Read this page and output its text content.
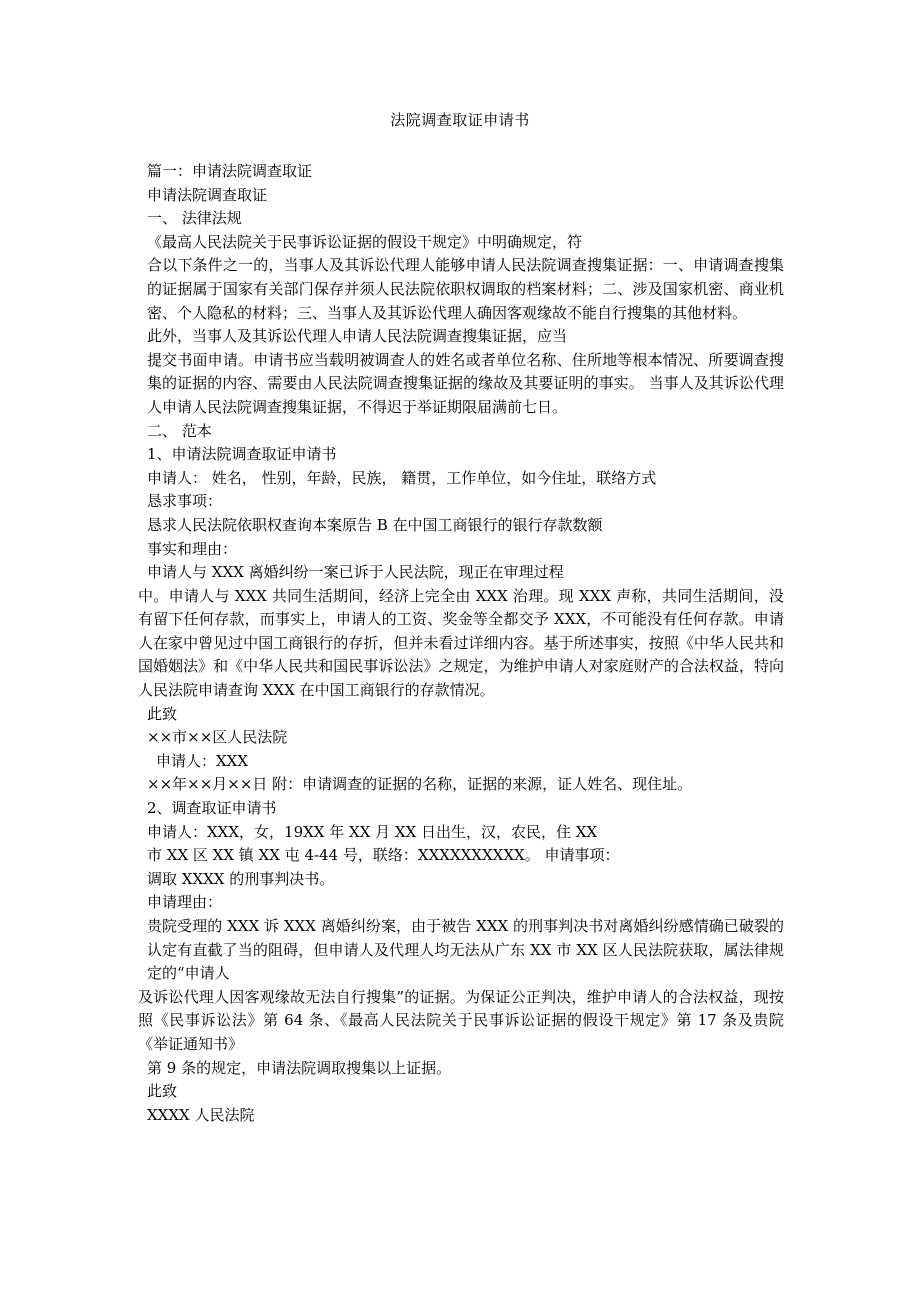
法院调查取证申请书

篇一：申请法院调查取证

申请法院调查取证

一、 法律法规

《最高人民法院关于民事诉讼证据的假设干规定》中明确规定，符

合以下条件之一的，当事人及其诉讼代理人能够申请人民法院调查搜集证据：一、申请调查搜集的证据属于国家有关部门保存并须人民法院依职权调取的档案材料；二、涉及国家机密、商业机密、个人隐私的材料；三、当事人及其诉讼代理人确因客观缘故不能自行搜集的其他材料。

此外，当事人及其诉讼代理人申请人民法院调查搜集证据，应当

提交书面申请。申请书应当载明被调查人的姓名或者单位名称、住所地等根本情况、所要调查搜集的证据的内容、需要由人民法院调查搜集证据的缘故及其要证明的事实。 当事人及其诉讼代理人申请人民法院调查搜集证据，不得迟于举证期限届满前七日。

二、 范本

1、申请法院调查取证申请书

申请人： 姓名， 性别，年龄，民族， 籍贯，工作单位，如今住址，联络方式

恳求事项：

恳求人民法院依职权查询本案原告 B 在中国工商银行的银行存款数额

事实和理由：

申请人与 XXX 离婚纠纷一案已诉于人民法院，现正在审理过程

中。申请人与 XXX 共同生活期间，经济上完全由 XXX 治理。现 XXX 声称，共同生活期间，没有留下任何存款，而事实上，申请人的工资、奖金等全都交予 XXX，不可能没有任何存款。申请人在家中曾见过中国工商银行的存折，但并未看过详细内容。基于所述事实，按照《中华人民共和国婚姻法》和《中华人民共和国民事诉讼法》之规定，为维护申请人对家庭财产的合法权益，特向人民法院申请查询 XXX 在中国工商银行的存款情况。

此致

××市××区人民法院

申请人：XXX

××年××月××日 附：申请调查的证据的名称，证据的来源，证人姓名、现住址。

2、调查取证申请书

申请人：XXX，女，19XX 年 XX 月 XX 日出生，汉，农民，住 XX

市 XX 区 XX 镇 XX 屯 4-44 号，联络：XXXXXXXXXX。 申请事项：

调取 XXXX 的刑事判决书。

申请理由：

贵院受理的 XXX 诉 XXX 离婚纠纷案，由于被告 XXX 的刑事判决书对离婚纠纷感情确已破裂的认定有直截了当的阻碍，但申请人及代理人均无法从广东 XX 市 XX 区人民法院获取，属法律规定的“申请人

及诉讼代理人因客观缘故无法自行搜集”的证据。为保证公正判决，维护申请人的合法权益，现按照《民事诉讼法》第 64 条、《最高人民法院关于民事诉讼证据的假设干规定》第 17 条及贵院《举证通知书》

第 9 条的规定，申请法院调取搜集以上证据。

此致

XXXX 人民法院
